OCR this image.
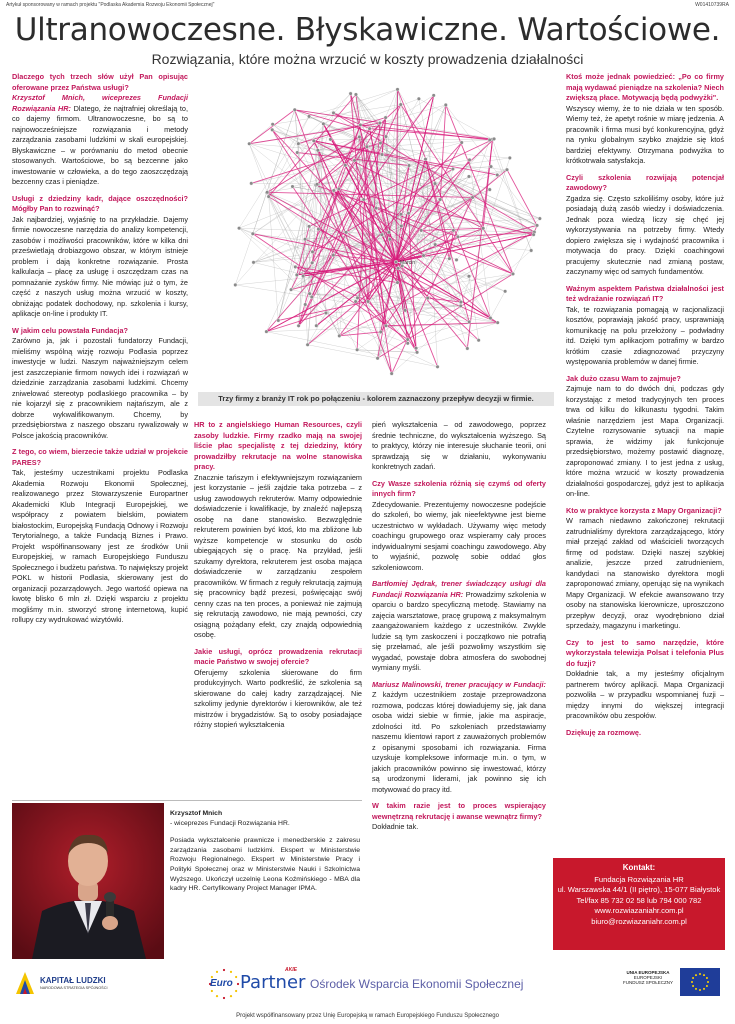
Artykuł sponsorowany w ramach projektu "Podlaska Akademia Rozwoju Ekonomii Społecznej"	W01410739RA
Ultranowoczesne. Błyskawiczne. Wartościowe.
Rozwiązania, które można wrzucić w koszty prowadzenia działalności

Dlaczego tych trzech słów użył Pan opisując oferowane przez Państwa usługi?
Krzysztof Mnich, wiceprezes Fundacji Rozwiązania HR: Dlatego, że najtrafniej określają to, co dajemy firmom. Ultranowoczesne, bo są to najnowocześniejsze rozwiązania i metody zarządzania zasobami ludzkimi w skali europejskiej. Błyskawiczne – w porównaniu do metod obecnie stosowanych. Wartościowe, bo są bezcenne jako inwestowanie w człowieka, a do tego zaoszczędzają bezcenny czas i pieniądze.

Usługi z dziedziny kadr, dające oszczędności? Mógłby Pan to rozwinąć?
Jak najbardziej, wyjaśnię to na przykładzie. Dajemy firmie nowoczesne narzędzia do analizy kompetencji, zasobów i możliwości pracowników, które w kilka dni prześwietlają drobiazgowo obszar, w którym istnieje problem i dają konkretne rozwiązanie. Prosta kalkulacja – płacę za usługę i oszczędzam czas na pomnażanie zysków firmy. Nie mówiąc już o tym, że część z naszych usług można wrzucić w koszty, obniżając podatek dochodowy, np. szkolenia i kursy, aplikacje on-line i produkty IT.

W jakim celu powstała Fundacja?
Zarówno ja, jak i pozostali fundatorzy Fundacji, mieliśmy wspólną wizję rozwoju Podlasia poprzez inwestycje w ludzi. Naszym najważniejszym celem jest zaszczepianie firmom nowych idei i rozwiązań w dziedzinie zarządzania zasobami ludzkimi. Chcemy zniwelować stereotyp podlaskiego pracownika – by nie kojarzył się z pracownikiem najtańszym, ale z dobrze wykwalifikowanym. Chcemy, by przedsiębiorstwa z naszego obszaru rywalizowały w Polsce jakością pracowników.

Z tego, co wiem, bierzecie także udział w projekcie PARES?
Tak, jesteśmy uczestnikami projektu Podlaska Akademia Rozwoju Ekonomii Społecznej, realizowanego przez Stowarzyszenie Europartner Akademicki Klub Integracji Europejskiej, we współpracy z powiatem bielskim, powiatem białostockim, Europejską Fundacją Odnowy i Rozwoju Terytorialnego, a także Fundacją Biznes i Prawo. Projekt współfinansowany jest ze środków Unii Europejskiej, w ramach Europejskiego Funduszu Społecznego i budżetu państwa. To największy projekt POKL w historii Podlasia, skierowany jest do organizacji pozarządowych. Jego wartość opiewa na kwotę blisko 6 mln zł. Dzięki wsparciu z projektu mogliśmy m.in. stworzyć stronę internetową, kupić rollupy czy wydrukować wizytówki.

Marcin
Trzy firmy z branży IT rok po połączeniu - kolorem zaznaczony przepływ decyzji w firmie.

HR to z angielskiego Human Resources, czyli zasoby ludzkie. Firmy rzadko mają na swojej liście płac specjalistę z tej dziedziny, który prowadziłby rekrutacje na wolne stanowiska pracy.
Znacznie tańszym i efektywniejszym rozwiązaniem jest korzystanie – jeśli zajdzie taka potrzeba – z usług zawodowych rekruterów. Mamy odpowiednie doświadczenie i kwalifikacje, by znaleźć najlepszą osobę na dane stanowisko. Bezwzględnie rekruterem powinien być ktoś, kto ma zbliżone lub wyższe kompetencje w stosunku do osób ubiegających się o pracę. Na przykład, jeśli szukamy dyrektora, rekruterem jest osoba mająca doświadczenie w zarządzaniu zespołem pracowników. W firmach z reguły rekrutacją zajmują się pracownicy bądź prezesi, poświęcając swój cenny czas na ten proces, a ponieważ nie zajmują się rekrutacją zawodowo, nie mają pewności, czy osiągną pożądany efekt, czy znajdą odpowiednią osobę.

Jakie usługi, oprócz prowadzenia rekrutacji macie Państwo w swojej ofercie?
Oferujemy szkolenia skierowane do firm produkcyjnych. Warto podkreślić, że szkolenia są skierowane do całej kadry zarządzającej. Nie szkolimy jedynie dyrektorów i kierowników, ale też mistrzów i brygadzistów. Są to osoby posiadające różny stopień wykształcenia

pień wykształcenia – od zawodowego, poprzez średnie techniczne, do wykształcenia wyższego. Są to praktycy, którzy nie interesuje słuchanie teorii, oni sprawdzają się w działaniu, wykonywaniu konkretnych zadań.

Czy Wasze szkolenia różnią się czymś od oferty innych firm?
Zdecydowanie. Prezentujemy nowoczesne podejście do szkoleń, bo wiemy, jak nieefektywne jest bierne uczestnictwo w wykładach. Używamy więc metody coachingu grupowego oraz wspieramy cały proces indywidualnymi sesjami coachingu zawodowego. Aby to wyjaśnić, pozwolę sobie oddać głos szkoleniowcom.

Bartłomiej Jędrak, trener świadczący usługi dla Fundacji Rozwiązania HR: Prowadzimy szkolenia w oparciu o bardzo specyficzną metodę. Stawiamy na zajęcia warsztatowe, pracę grupową z maksymalnym zaangażowaniem każdego z uczestników. Zwykle ludzie są tym zaskoczeni i początkowo nie potrafią się przełamać, ale jeśli pozwolimy wszystkim się wygadać, powstaje dobra atmosfera do swobodnej wymiany myśli.

Mariusz Malinowski, trener pracujący w Fundacji: Z każdym uczestnikiem zostaje przeprowadzona rozmowa, podczas której dowiadujemy się, jak dana osoba widzi siebie w firmie, jakie ma aspiracje, zdolności itd. Po szkoleniach przedstawiamy naszemu klientowi raport z zauważonych problemów z opisanymi sposobami ich rozwiązania. Firma uzyskuje kompleksowe informacje m.in. o tym, w jakich pracowników powinno się inwestować, którzy są urodzonymi liderami, jak powinno się ich motywować do pracy itd.

W takim razie jest to proces wspierający wewnętrzną rekrutację i awanse wewnątrz firmy?
Dokładnie tak.

Ktoś może jednak powiedzieć: „Po co firmy mają wydawać pieniądze na szkolenia? Niech zwiększą płace. Motywacją będą podwyżki".
Wszyscy wiemy, że to nie działa w ten sposób. Wiemy też, że apetyt rośnie w miarę jedzenia. A pracownik i firma musi być konkurencyjna, gdyż na rynku globalnym szybko znajdzie się ktoś bardziej efektywny. Otrzymana podwyżka to krótkotrwała satysfakcja.

Czyli szkolenia rozwijają potencjał zawodowy?
Zgadza się. Często szkoliliśmy osoby, które już posiadają dużą zasób wiedzy i doświadczenia. Jednak poza wiedzą liczy się chęć jej wykorzystywania na potrzeby firmy. Wtedy dopiero zwiększa się i wydajność pracownika i motywacja do pracy. Dzięki coachingowi pracujemy skutecznie nad zmianą postaw, zaczynamy więc od samych fundamentów.

Ważnym aspektem Państwa działalności jest też wdrażanie rozwiązań IT?
Tak, te rozwiązania pomagają w racjonalizacji kosztów, poprawiają jakość pracy, usprawniają komunikację na polu przełożony – podwładny itd. Dzięki tym aplikacjom potrafimy w bardzo krótkim czasie zdiagnozować przyczyny występowania problemów w danej firmie.

Jak dużo czasu Wam to zajmuje?
Zajmuje nam to do dwóch dni, podczas gdy korzystając z metod tradycyjnych ten proces trwa od kilku do kilkunastu tygodni. Takim właśnie narzędziem jest Mapa Organizacji. Czytelne rozrysowanie sytuacji na mapie sprawia, że widzimy jak funkcjonuje przedsiębiorstwo, możemy postawić diagnozę, zaproponować zmiany. I to jest jedna z usług, które można wrzucić w koszty prowadzenia działalności gospodarczej, gdyż jest to aplikacja on-line.

Kto w praktyce korzysta z Mapy Organizacji?
W ramach niedawno zakończonej rekrutacji zatrudnialiśmy dyrektora zarządzającego, który miał przejąć zakład od właścicieli tworzących firmę od podstaw. Dzięki naszej szybkiej analizie, jeszcze przed zatrudnieniem, kandydaci na stanowisko dyrektora mogli zaproponować zmiany, operując się na wynikach Mapy Organizacji. W efekcie awansowano trzy osoby na stanowiska kierownicze, uproszczono przepływ decyzji, oraz wyodrębniono dział sprzedaży, magazynu i marketingu.

Czy to jest to samo narzędzie, które wykorzystała telewizja Polsat i telefonia Plus do fuzji?
Dokładnie tak, a my jesteśmy oficjalnym partnerem twórcy aplikacji. Mapa Organizacji pozwoliła – w przypadku wspomnianej fuzji – między innymi do większej integracji pracowników obu zespołów.

Dziękuję za rozmowę.

Krzysztof Mnich

- wiceprezes Fundacji Rozwiązania HR.

Posiada wykształcenie prawnicze i menedżerskie z zakresu zarządzania zasobami ludzkimi. Ekspert w Ministerstwie Rozwoju Regionalnego. Ekspert w Ministerstwie Pracy i Polityki Społecznej oraz w Ministerstwie Nauki i Szkolnictwa Wyższego. Ukończył uczelnię Leona Koźmińskiego - MBA dla kadry HR. Certyfikowany Project Manager IPMA.

Kontakt:
Fundacja Rozwiązania HR
ul. Warszawska 44/1 (II piętro), 15-077 Białystok
Tel/fax 85 732 02 58 lub 794 000 782
www.rozwiazaniahr.com.pl
biuro@rozwiazaniahr.com.pl
KAPITAŁ LUDZKI
NARODOWA STRATEGIA SPÓJNOŚCI	Euro Partner
AKIE
Ośrodek Wsparcia Ekonomii Społecznej
UNIA EUROPEJSKA
EUROPEJSKI
FUNDUSZ SPOŁECZNY
Projekt współfinansowany przez Unię Europejską w ramach Europejskiego Funduszu Społecznego
